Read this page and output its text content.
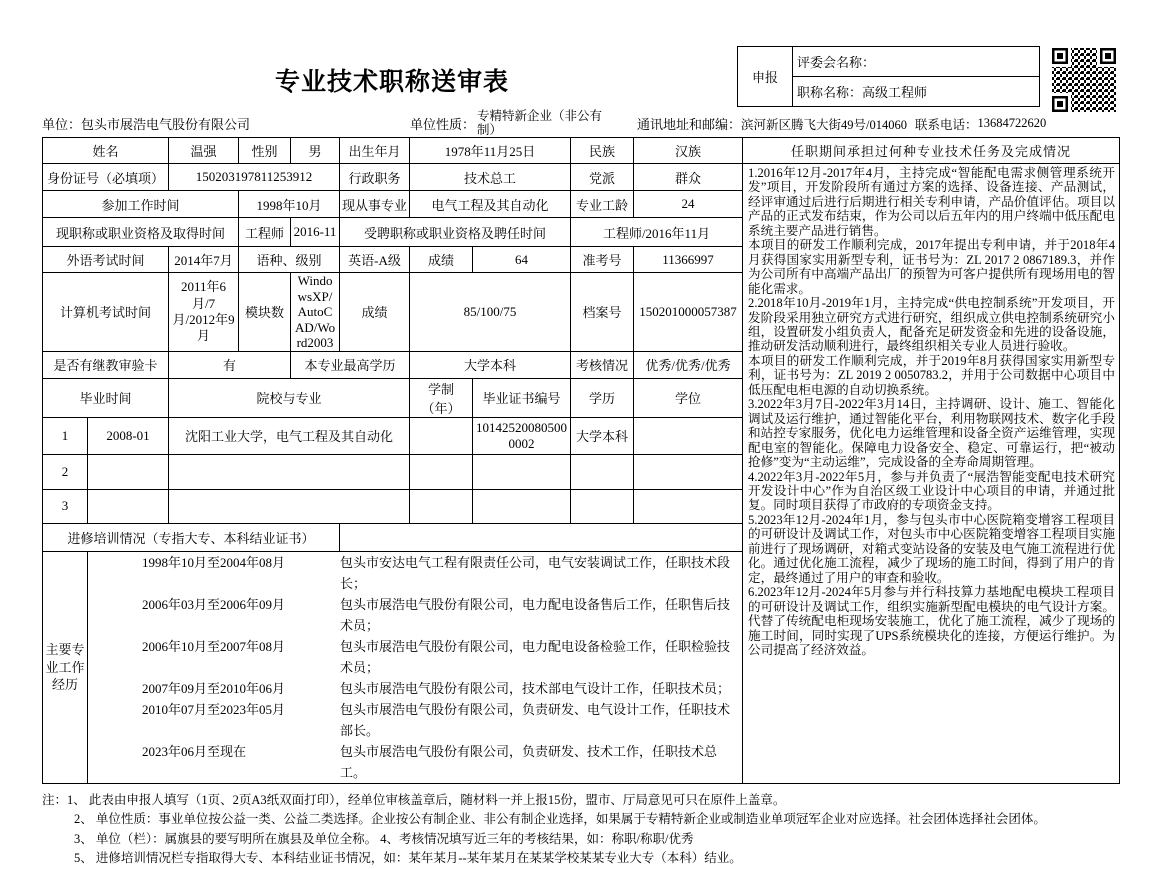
专业技术职称送审表	申报	评委会名称：
职称名称：高级工程师
单位：包头市展浩电气股份有限公司	单位性质：
专精特新企业（非公有制）	通讯地址和邮编： 滨河新区腾飞大街49号/014060 联系电话： 13684722620
姓名		温强	性别	男	出生年月	1978年11月25日		民族	汉族
身份证号（必填项）		150203197811253912			行政职务	技术总工		党派	群众
参加工作时间			1998年10月		现从事专业	电气工程及其自动化		专业工龄	24
现职称或职业资格及取得时间			工程师	2016-11	受聘职称或职业资格及聘任时间			工程师/2016年11月	
外语考试时间		2014年7月	语种、级别		英语-A级	成绩	64	准考号	11366997
计算机考试时间		2011年6月/7月/2012年9月	模块数	WindowsXP/AutoCAD/Word2003	成绩	85/100/75		档案号	150201000057387
是否有继教审验卡		有		本专业最高学历		大学本科		考核情况	优秀/优秀/优秀
毕业时间		院校与专业				学制（年）	毕业证书编号	学历	学位
1	2008-01	沈阳工业大学，电气工程及其自动化					101425200805000002	大学本科	
2									
3									
进修培训情况（专指大专、本科结业证书）									
主要专业工作经历	
1998年10月至2004年08月	包头市安达电气工程有限责任公司，电气安装调试工作，任职技术段长；
2006年03月至2006年09月	包头市展浩电气股份有限公司，电力配电设备售后工作，任职售后技术员；
2006年10月至2007年08月	包头市展浩电气股份有限公司，电力配电设备检验工作，任职检验技术员；
2007年09月至2010年06月	包头市展浩电气股份有限公司，技术部电气设计工作，任职技术员；
2010年07月至2023年05月	包头市展浩电气股份有限公司，负责研发、电气设计工作，任职技术部长。
2023年06月至现在	包头市展浩电气股份有限公司，负责研发、技术工作，任职技术总工。
任职期间承担过何种专业技术任务及完成情况

1.2016年12月-2017年4月，主持完成“智能配电需求侧管理系统开发”项目，开发阶段所有通过方案的选择、设备连接、产品测试，经评审通过后进行后期进行相关专利申请，产品价值评估。项目以产品的正式发布结束，作为公司以后五年内的用户终端中低压配电系统主要产品进行销售。

本项目的研发工作顺利完成，2017年提出专利申请，并于2018年4月获得国家实用新型专利，证书号为：ZL 2017 2 0867189.3，并作为公司所有中高端产品出厂的预智为可客户提供所有现场用电的智能化需求。

2.2018年10月-2019年1月，主持完成“供电控制系统”开发项目，开发阶段采用独立研究方式进行研究，组织成立供电控制系统研究小组，设置研发小组负责人，配备充足研发资金和先进的设备设施，推动研发活动顺利进行，最终组织相关专业人员进行验收。

本项目的研发工作顺利完成，并于2019年8月获得国家实用新型专利，证书号为：ZL 2019 2 0050783.2，并用于公司数据中心项目中低压配电柜电源的自动切换系统。

3.2022年3月7日-2022年3月14日，主持调研、设计、施工、智能化调试及运行维护，通过智能化平台，利用物联网技术、数字化手段和站控专家服务，优化电力运维管理和设备全资产运维管理，实现配电室的智能化。保障电力设备安全、稳定、可靠运行，把“被动抢修”变为“主动运维”，完成设备的全寿命周期管理。

4.2022年3月-2022年5月，参与并负责了“展浩智能变配电技术研究开发设计中心”作为自治区级工业设计中心项目的申请，并通过批复。同时项目获得了市政府的专项资金支持。

5.2023年12月-2024年1月，参与包头市中心医院箱变增容工程项目的可研设计及调试工作，对包头市中心医院箱变增容工程项目实施前进行了现场调研，对箱式变站设备的安装及电气施工流程进行优化。通过优化施工流程，减少了现场的施工时间，得到了用户的肯定，最终通过了用户的审查和验收。

6.2023年12月-2024年5月参与并行科技算力基地配电模块工程项目的可研设计及调试工作，组织实施新型配电模块的电气设计方案。代替了传统配电柜现场安装施工，优化了施工流程，减少了现场的施工时间，同时实现了UPS系统模块化的连接，方便运行维护。为公司提高了经济效益。

注：1、 此表由申报人填写（1页、2页A3纸双面打印），经单位审核盖章后，随材料一并上报15份，盟市、厅局意见可只在原件上盖章。
2、 单位性质：事业单位按公益一类、公益二类选择。企业按公有制企业、非公有制企业选择，如果属于专精特新企业或制造业单项冠军企业对应选择。社会团体选择社会团体。
3、 单位（栏）：属旗县的要写明所在旗县及单位全称。 4、考核情况填写近三年的考核结果，如：称职/称职/优秀
5、 进修培训情况栏专指取得大专、本科结业证书情况，如：某年某月--某年某月在某某学校某某专业大专（本科）结业。
